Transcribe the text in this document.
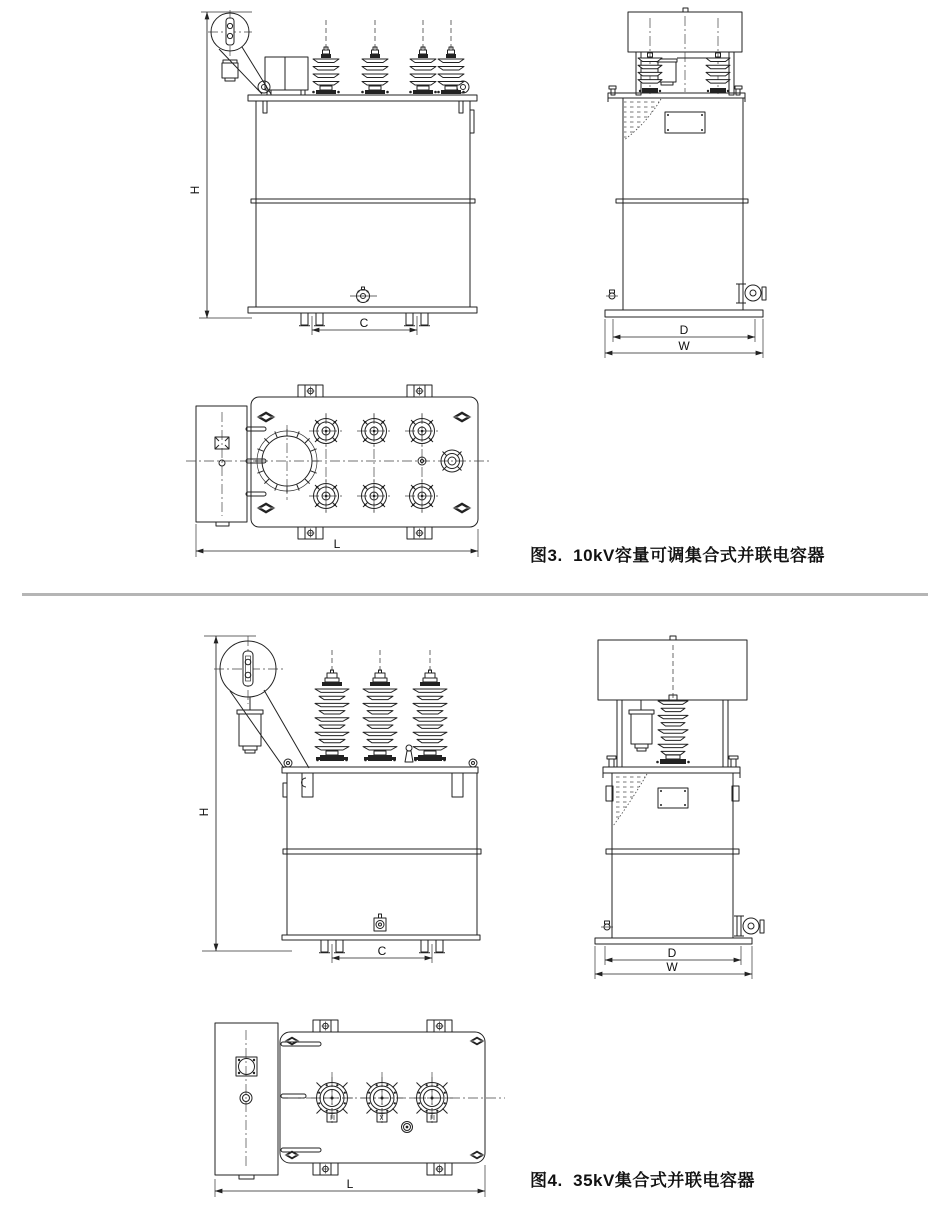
H
C	D
W
L
H
C	D
W
L
图3.  10kV容量可调集合式并联电容器
图4.  35kV集合式并联电容器
